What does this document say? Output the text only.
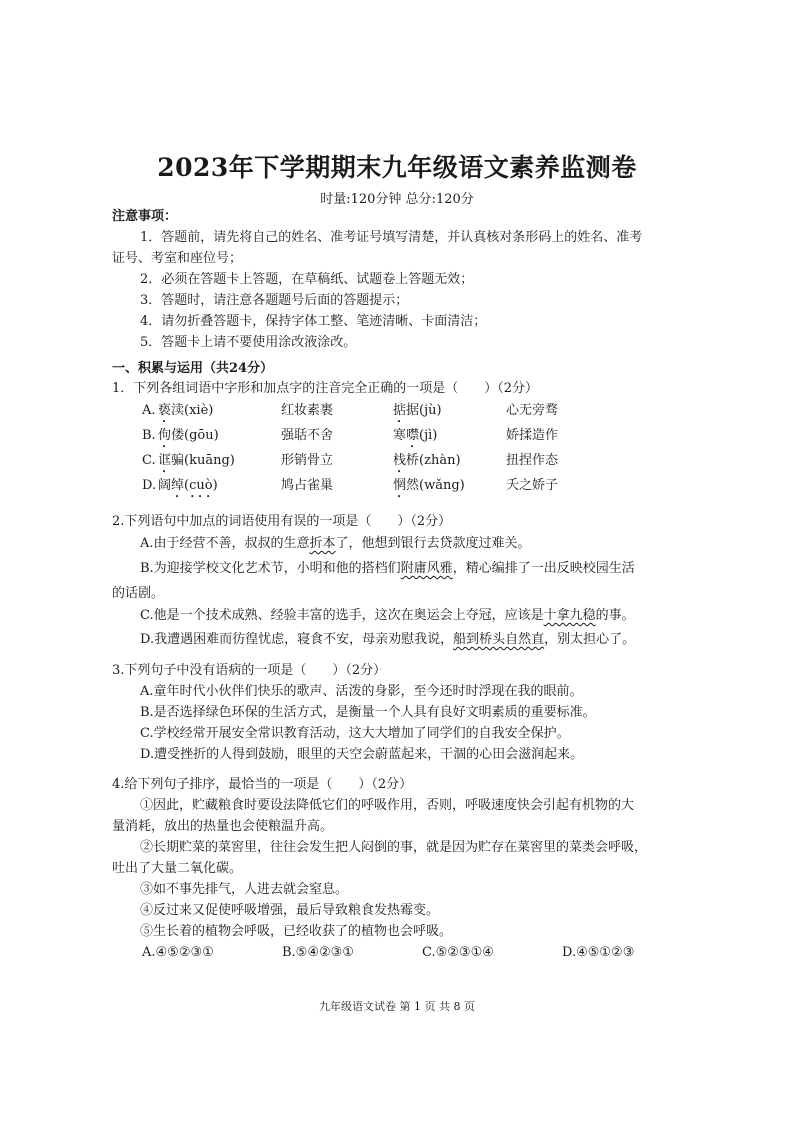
2023年下学期期末九年级语文素养监测卷
时量:120分钟 总分:120分
注意事项：
1．答题前，请先将自己的姓名、准考证号填写清楚，并认真核对条形码上的姓名、准考
证号、考室和座位号；
2．必须在答题卡上答题，在草稿纸、试题卷上答题无效；
3．答题时，请注意各题题号后面的答题提示；
4．请勿折叠答题卡，保持字体工整、笔迹清晰、卡面清洁；
5．答题卡上请不要使用涂改液涂改。
一、积累与运用（共24分）
1．下列各组词语中字形和加点字的注音完全正确的一项是（　　）（2分）
A. 亵渎(xiè)	红妆素裹	掂据(jù)	心无旁骛
B. 佝偻(gōu)	强聒不舍	寒噤(jì)	娇揉造作
C. 诓骗(kuāng)	形销骨立	栈桥(zhàn)	扭捏作态
D. 阔绰(cuò)	鸠占雀巢	惘然(wǎng)	夭之娇子
2.下列语句中加点的词语使用有误的一项是（　　）（2分）
A.由于经营不善，叔叔的生意折本了，他想到银行去贷款度过难关。
B.为迎接学校文化艺术节，小明和他的搭档们附庸风雅，精心编排了一出反映校园生活
的话剧。
C.他是一个技术成熟、经验丰富的选手，这次在奥运会上夺冠，应该是十拿九稳的事。
D.我遭遇困难而彷徨忧虑，寝食不安，母亲劝慰我说，船到桥头自然直，别太担心了。
3.下列句子中没有语病的一项是（　　）（2分）
A.童年时代小伙伴们快乐的歌声、活泼的身影，至今还时时浮现在我的眼前。
B.是否选择绿色环保的生活方式，是衡量一个人具有良好文明素质的重要标准。
C.学校经常开展安全常识教育活动，这大大增加了同学们的自我安全保护。
D.遭受挫折的人得到鼓励，眼里的天空会蔚蓝起来，干涸的心田会滋润起来。
4.给下列句子排序，最恰当的一项是（　　）（2分）
①因此，贮藏粮食时要设法降低它们的呼吸作用，否则，呼吸速度快会引起有机物的大
量消耗，放出的热量也会使粮温升高。
②长期贮菜的菜窖里，往往会发生把人闷倒的事，就是因为贮存在菜窖里的菜类会呼吸，
吐出了大量二氧化碳。
③如不事先排气，人进去就会窒息。
④反过来又促使呼吸增强，最后导致粮食发热霉变。
⑤生长着的植物会呼吸，已经收获了的植物也会呼吸。
A.④⑤②③①	B.⑤④②③①	C.⑤②③①④	D.④⑤①②③
九年级语文试卷 第 1 页 共 8 页
